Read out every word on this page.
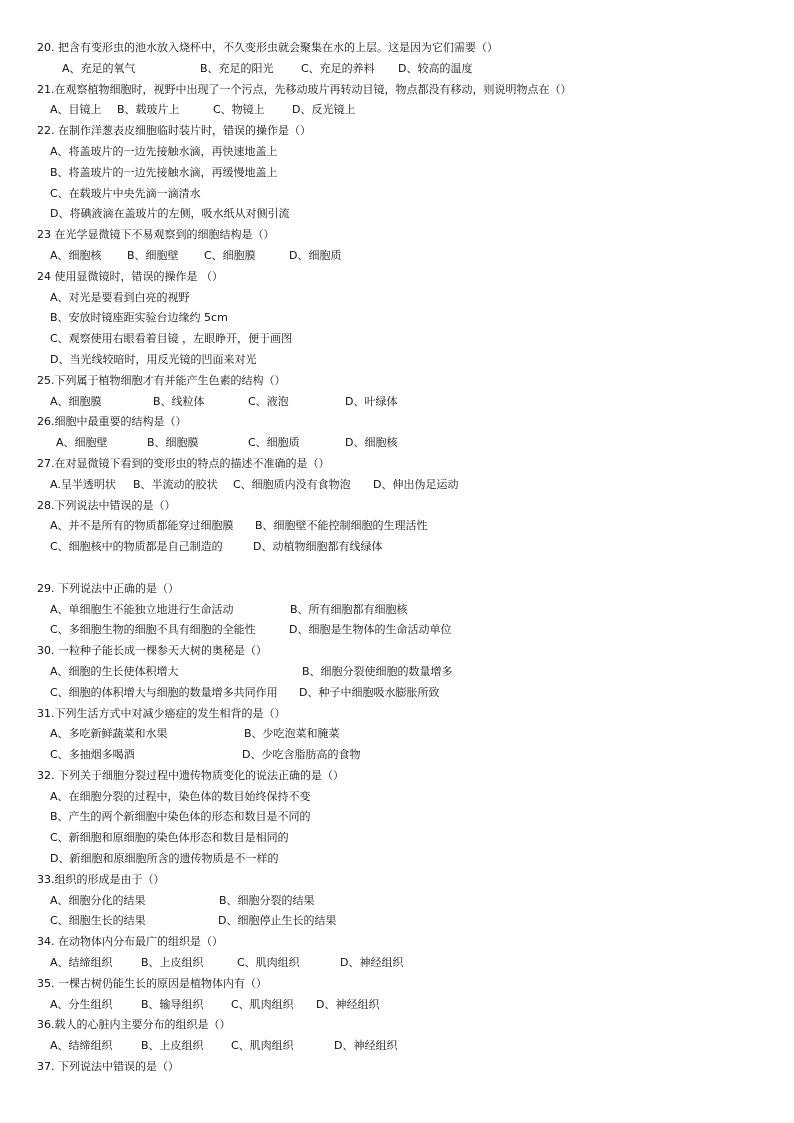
20. 把含有变形虫的池水放入烧杯中，不久变形虫就会聚集在水的上层。这是因为它们需要（）
A、充足的氧气	B、充足的阳光 C、充足的养料 D、较高的温度
21.在观察植物细胞时，视野中出现了一个污点，先移动玻片再转动目镜，物点都没有移动，则说明物点在（）
A、目镜上 B、载玻片上	C、物镜上 D、反光镜上
22. 在制作洋葱表皮细胞临时装片时，错误的操作是（）
A、将盖玻片的一边先接触水滴，再快速地盖上
B、将盖玻片的一边先接触水滴，再缓慢地盖上
C、在载玻片中央先滴一滴清水
D、将碘液滴在盖玻片的左侧，吸水纸从对侧引流
23 在光学显微镜下不易观察到的细胞结构是（）
A、细胞核 B、细胞壁 C、细胞膜	D、细胞质
24 使用显微镜时，错误的操作是 （）
A、对光是要看到白亮的视野
B、安放时镜座距实验台边缘约 5cm
C、观察使用右眼看着目镜 ，左眼睁开，便于画图
D、当光线较暗时，用反光镜的凹面来对光
25.下列属于植物细胞才有并能产生色素的结构（）
A、细胞膜	B、线粒体	C、液泡	D、叶绿体
26.细胞中最重要的结构是（）
A、细胞壁	B、细胞膜	C、细胞质	D、细胞核
27.在对显微镜下看到的变形虫的特点的描述不准确的是（）
A.呈半透明状 B、半流动的胶状 C、细胞质内没有食物泡 D、伸出伪足运动
28.下列说法中错误的是（）
A、并不是所有的物质都能穿过细胞膜 B、细胞壁不能控制细胞的生理活性
C、细胞核中的物质都是自己制造的	D、动植物细胞都有线绿体
29. 下列说法中正确的是（）
A、单细胞生不能独立地进行生命活动	B、所有细胞都有细胞核
C、多细胞生物的细胞不具有细胞的全能性	D、细胞是生物体的生命活动单位
30. 一粒种子能长成一棵参天大树的奥秘是（）
A、细胞的生长使体积增大	B、细胞分裂使细胞的数量增多
C、细胞的体积增大与细胞的数量增多共同作用 D、种子中细胞吸水膨胀所致
31.下列生活方式中对减少癌症的发生相背的是（）
A、多吃新鲜蔬菜和水果	B、少吃泡菜和腌菜
C、多抽烟多喝酒	D、少吃含脂肪高的食物
32. 下列关于细胞分裂过程中遗传物质变化的说法正确的是（）
A、在细胞分裂的过程中，染色体的数目始终保持不变
B、产生的两个新细胞中染色体的形态和数目是不同的
C、新细胞和原细胞的染色体形态和数目是相同的
D、新细胞和原细胞所含的遗传物质是不一样的
33.组织的形成是由于（）
A、细胞分化的结果	B、细胞分裂的结果
C、细胞生长的结果	D、细胞停止生长的结果
34. 在动物体内分布最广的组织是（）
A、结缔组织	B、上皮组织	C、肌肉组织	D、神经组织
35. 一棵古树仍能生长的原因是植物体内有（）
A、分生组织	B、输导组织 C、肌肉组织 D、神经组织
36.载人的心脏内主要分布的组织是（）
A、结缔组织	B、上皮组织 C、肌肉组织	D、神经组织
37. 下列说法中错误的是（）
